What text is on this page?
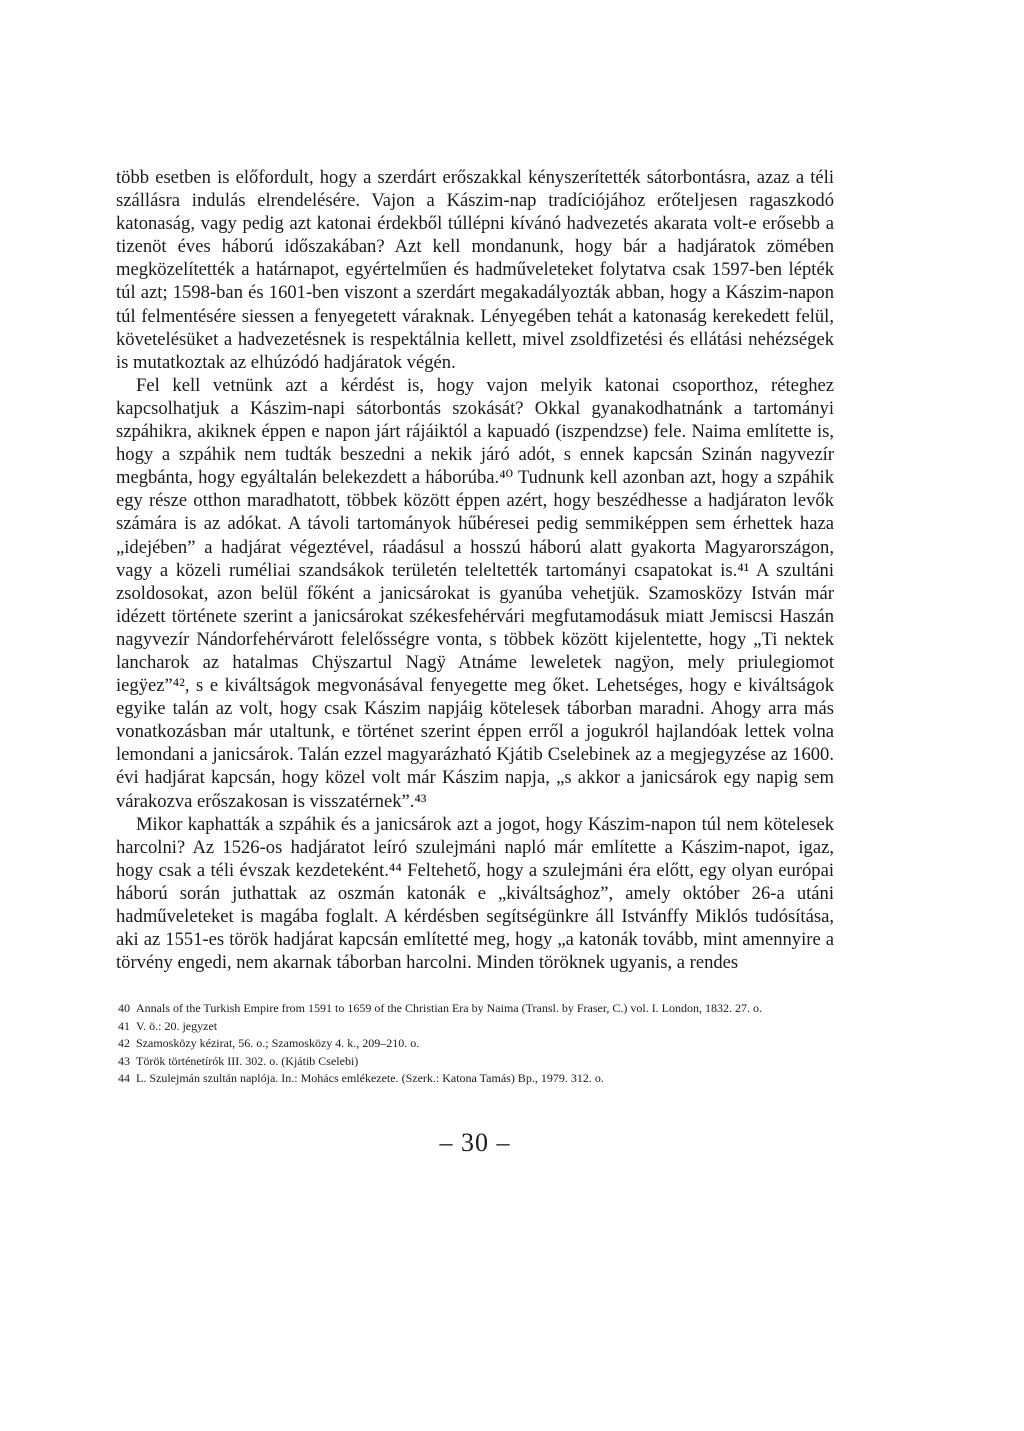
több esetben is előfordult, hogy a szerdárt erőszakkal kényszerítették sátorbontásra, azaz a téli szállásra indulás elrendelésére. Vajon a Kászim-nap tradíciójához erőteljesen ragaszkodó katonaság, vagy pedig azt katonai érdekből túllépni kívánó hadvezetés akarata volt-e erősebb a tizenöt éves háború időszakában? Azt kell mondanunk, hogy bár a hadjáratok zömében megközelítették a határnapot, egyértelműen és hadműveleteket folytatva csak 1597-ben lépték túl azt; 1598-ban és 1601-ben viszont a szerdárt megakadályozták abban, hogy a Kászim-napon túl felmentésére siessen a fenyegetett váraknak. Lényegében tehát a katonaság kerekedett felül, követelésüket a hadvezetésnek is respektálnia kellett, mivel zsoldfizetési és ellátási nehézségek is mutatkoztak az elhúzódó hadjáratok végén.

Fel kell vetnünk azt a kérdést is, hogy vajon melyik katonai csoporthoz, réteghez kapcsolhatjuk a Kászim-napi sátorbontás szokását? Okkal gyanakodhatnánk a tartományi szpáhikra, akiknek éppen e napon járt rájáiktól a kapuadó (iszpendzse) fele. Naima említette is, hogy a szpáhik nem tudták beszedni a nekik járó adót, s ennek kapcsán Szinán nagyvezír megbánta, hogy egyáltalán belekezdett a háborúba.⁴⁰ Tudnunk kell azonban azt, hogy a szpáhik egy része otthon maradhatott, többek között éppen azért, hogy beszédhesse a hadjáraton levők számára is az adókat. A távoli tartományok hűbéresei pedig semmiképpen sem érhettek haza „idejében” a hadjárat végeztével, ráadásul a hosszú háború alatt gyakorta Magyarországon, vagy a közeli ruméliai szandsákok területén teleltették tartományi csapatokat is.⁴¹ A szultáni zsoldosokat, azon belül főként a janicsárokat is gyanúba vehetjük. Szamosközy István már idézett története szerint a janicsárokat székesfehérvári megfutamodásuk miatt Jemiscsi Haszán nagyvezír Nándorfehérvárott felelősségre vonta, s többek között kijelentette, hogy „Ti nektek lancharok az hatalmas Chÿszartul Nagÿ Atnáme leweletek nagÿon, mely priulegiomot iegÿez”⁴², s e kiváltságok megvonásával fenyegette meg őket. Lehetséges, hogy e kiváltságok egyike talán az volt, hogy csak Kászim napjáig kötelesek táborban maradni. Ahogy arra más vonatkozásban már utaltunk, e történet szerint éppen erről a jogukról hajlandóak lettek volna lemondani a janicsárok. Talán ezzel magyarázható Kjátib Cselebinek az a megjegyzése az 1600. évi hadjárat kapcsán, hogy közel volt már Kászim napja, „s akkor a janicsárok egy napig sem várakozva erőszakosan is visszatérnek”.⁴³

Mikor kaphatták a szpáhik és a janicsárok azt a jogot, hogy Kászim-napon túl nem kötelesek harcolni? Az 1526-os hadjáratot leíró szulejmáni napló már említette a Kászim-napot, igaz, hogy csak a téli évszak kezdeteként.⁴⁴ Feltehető, hogy a szulejmáni éra előtt, egy olyan európai háború során juthattak az oszmán katonák e „kiváltsághoz”, amely október 26-a utáni hadműveleteket is magába foglalt. A kérdésben segítségünkre áll Istvánffy Miklós tudósítása, aki az 1551-es török hadjárat kapcsán említetté meg, hogy „a katonák tovább, mint amennyire a törvény engedi, nem akarnak táborban harcolni. Minden töröknek ugyanis, a rendes

40 Annals of the Turkish Empire from 1591 to 1659 of the Christian Era by Naima (Transl. by Fraser, C.) vol. I. London, 1832. 27. o.
41 V. ö.: 20. jegyzet
42 Szamosközy kézirat, 56. o.; Szamosközy 4. k., 209–210. o.
43 Török történetírók III. 302. o. (Kjátib Cselebi)
44 L. Szulejmán szultán naplója. In.: Mohács emlékezete. (Szerk.: Katona Tamás) Bp., 1979. 312. o.
– 30 –
